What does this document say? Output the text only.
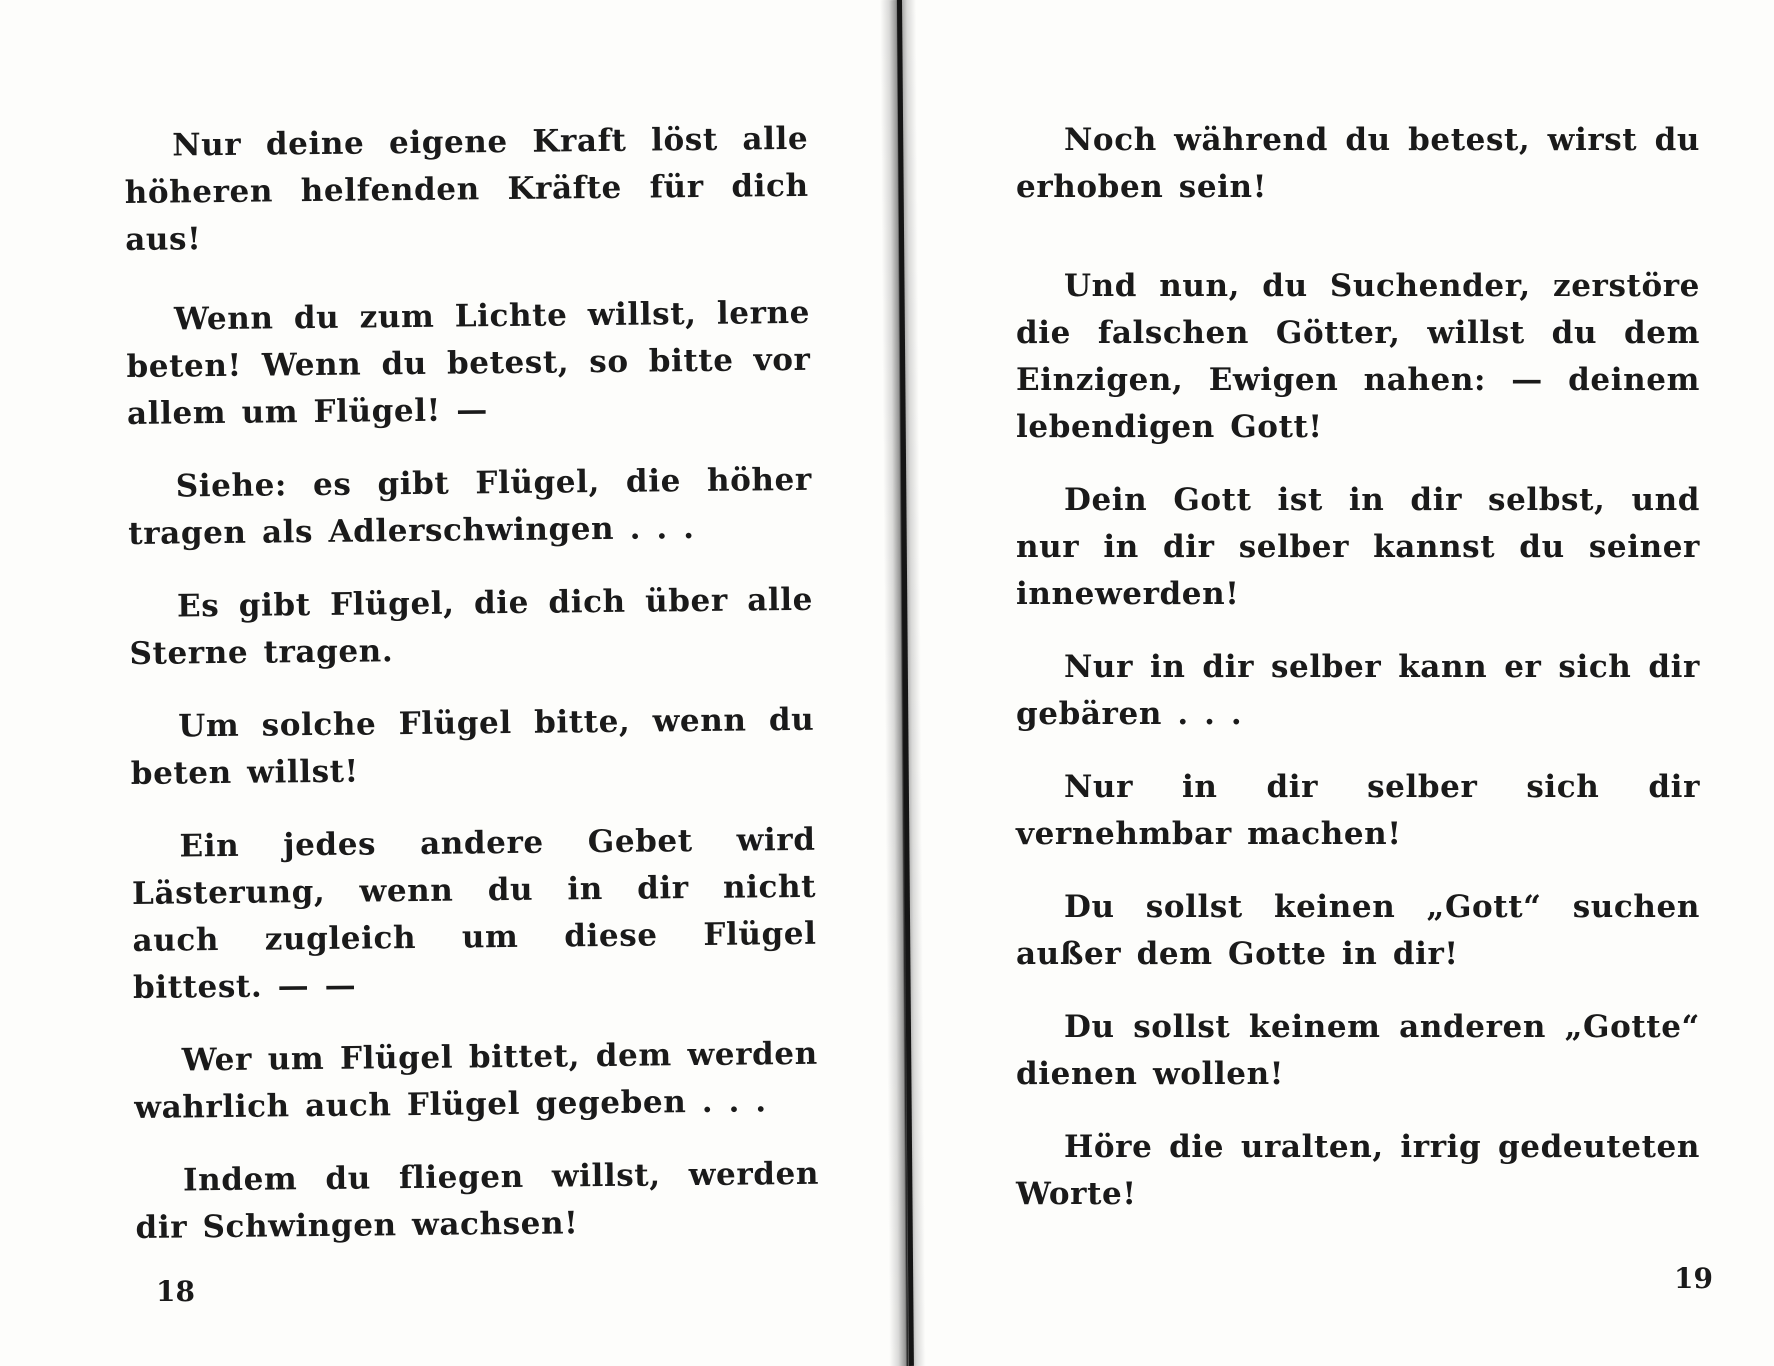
Nur deine eigene Kraft löst alle höheren helfenden Kräfte für dich aus!

Wenn du zum Lichte willst, lerne beten! Wenn du betest, so bitte vor allem um Flügel! —

Siehe: es gibt Flügel, die höher tragen als Adlerschwingen . . .

Es gibt Flügel, die dich über alle Sterne tragen.

Um solche Flügel bitte, wenn du beten willst!

Ein jedes andere Gebet wird Lästerung, wenn du in dir nicht auch zugleich um diese Flügel bittest. — —

Wer um Flügel bittet, dem werden wahrlich auch Flügel gegeben . . .

Indem du fliegen willst, werden dir Schwingen wachsen!

18

Noch während du betest, wirst du erhoben sein!

Und nun, du Suchender, zerstöre die falschen Götter, willst du dem Einzigen, Ewigen nahen: — deinem lebendigen Gott!

Dein Gott ist in dir selbst, und nur in dir selber kannst du seiner innewerden!

Nur in dir selber kann er sich dir gebären . . .

Nur in dir selber sich dir vernehmbar machen!

Du sollst keinen „Gott“ suchen außer dem Gotte in dir!

Du sollst keinem anderen „Gotte“ dienen wollen!

Höre die uralten, irrig gedeuteten Worte!

19
